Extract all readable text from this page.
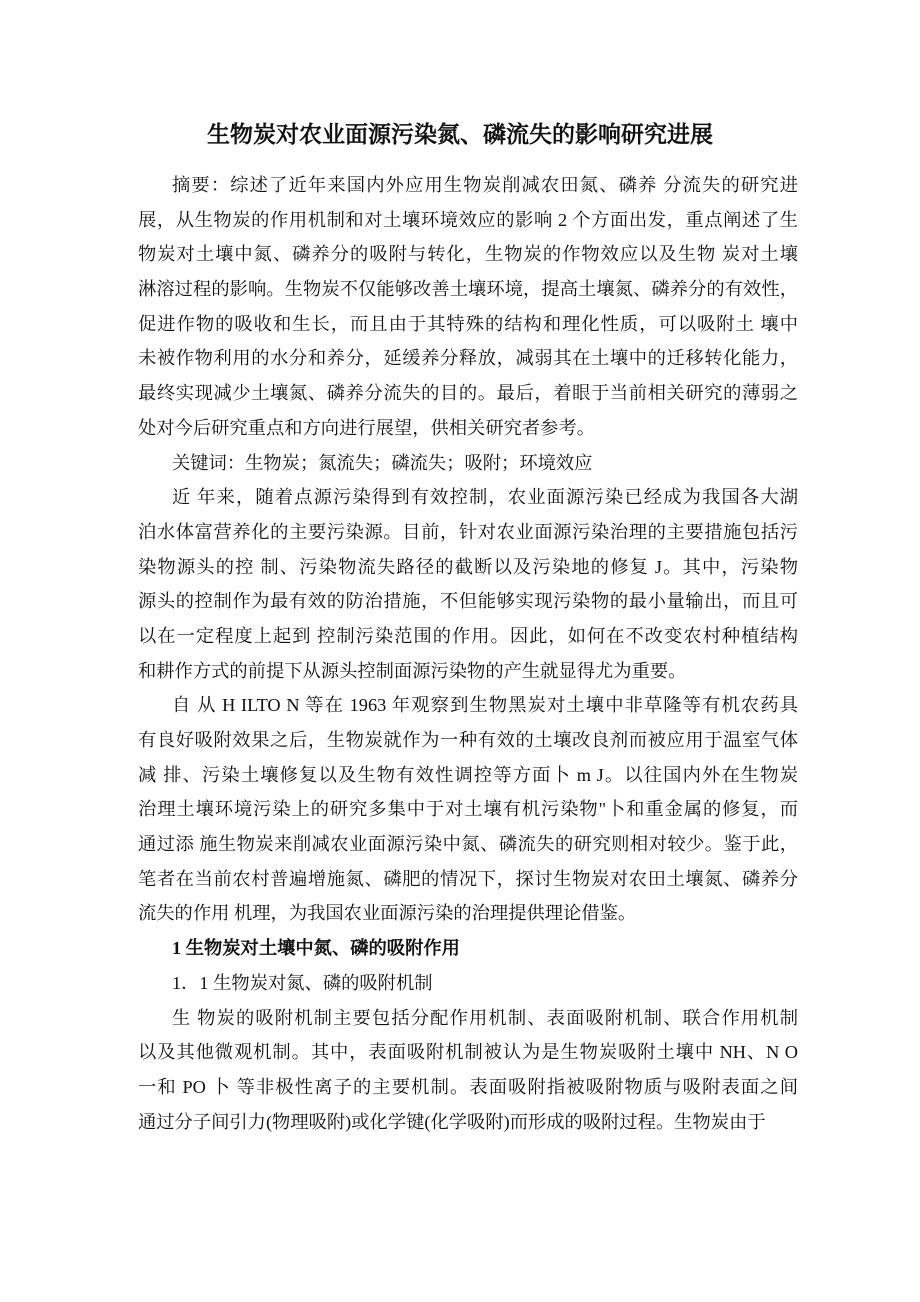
生物炭对农业面源污染氮、磷流失的影响研究进展
摘要：综述了近年来国内外应用生物炭削减农田氮、磷养 分流失的研究进
展，从生物炭的作用机制和对土壤环境效应的影响 2 个方面出发，重点阐述了生
物炭对土壤中氮、磷养分的吸附与转化，生物炭的作物效应以及生物 炭对土壤
淋溶过程的影响。生物炭不仅能够改善土壤环境，提高土壤氮、磷养分的有效性，
促进作物的吸收和生长，而且由于其特殊的结构和理化性质，可以吸附土 壤中
未被作物利用的水分和养分，延缓养分释放，减弱其在土壤中的迁移转化能力，
最终实现减少土壤氮、磷养分流失的目的。最后，着眼于当前相关研究的薄弱之
处对今后研究重点和方向进行展望，供相关研究者参考。
关键词：生物炭；氮流失；磷流失；吸附；环境效应
近 年来，随着点源污染得到有效控制，农业面源污染已经成为我国各大湖
泊水体富营养化的主要污染源。目前，针对农业面源污染治理的主要措施包括污
染物源头的控 制、污染物流失路径的截断以及污染地的修复 J。其中，污染物
源头的控制作为最有效的防治措施，不但能够实现污染物的最小量输出，而且可
以在一定程度上起到 控制污染范围的作用。因此，如何在不改变农村种植结构
和耕作方式的前提下从源头控制面源污染物的产生就显得尤为重要。
自 从 H ILTO N 等在 1963 年观察到生物黑炭对土壤中非草隆等有机农药具
有良好吸附效果之后，生物炭就作为一种有效的土壤改良剂而被应用于温室气体
减 排、污染土壤修复以及生物有效性调控等方面卜 m J。以往国内外在生物炭
治理土壤环境污染上的研究多集中于对土壤有机污染物"卜和重金属的修复，而
通过添 施生物炭来削减农业面源污染中氮、磷流失的研究则相对较少。鉴于此，
笔者在当前农村普遍增施氮、磷肥的情况下，探讨生物炭对农田土壤氮、磷养分
流失的作用 机理，为我国农业面源污染的治理提供理论借鉴。
1 生物炭对土壤中氮、磷的吸附作用
1．1 生物炭对氮、磷的吸附机制
生 物炭的吸附机制主要包括分配作用机制、表面吸附机制、联合作用机制
以及其他微观机制。其中，表面吸附机制被认为是生物炭吸附土壤中 NH、N O
一和 PO 卜 等非极性离子的主要机制。表面吸附指被吸附物质与吸附表面之间
通过分子间引力(物理吸附)或化学键(化学吸附)而形成的吸附过程。生物炭由于
